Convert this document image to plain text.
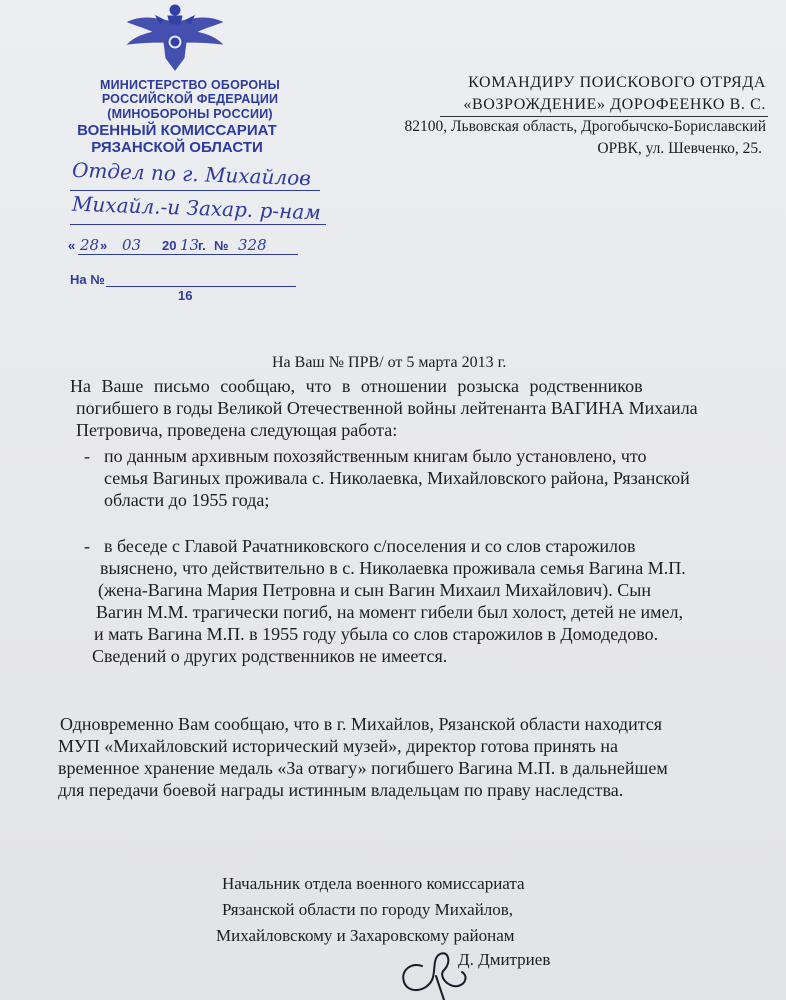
МИНИСТЕРСТВО ОБОРОНЫ
РОССИЙСКОЙ ФЕДЕРАЦИИ
(МИНОБОРОНЫ РОССИИ)
ВОЕННЫЙ КОМИССАРИАТ
РЯЗАНСКОЙ ОБЛАСТИ
Отдел по г. Михайлов
Михайл.-и Захар. р-нам
« 28 » 03 20 13
г. № 328
На №
16
КОМАНДИРУ ПОИСКОВОГО ОТРЯДА
«ВОЗРОЖДЕНИЕ» ДОРОФЕЕНКО В. С.
82100, Львовская область, Дрогобычско-Бориславский
ОРВК, ул. Шевченко, 25.
На Ваш № ПРВ/ от 5 марта 2013 г.
На Ваше письмо сообщаю, что в отношении розыска родственников
погибшего в годы Великой Отечественной войны лейтенанта ВАГИНА Михаила
Петровича, проведена следующая работа:
- по данным архивным похозяйственным книгам было установлено, что
семья Вагиных проживала с. Николаевка, Михайловского района, Рязанской
области до 1955 года;
- в беседе с Главой Рачатниковского с/поселения и со слов старожилов
выяснено, что действительно в с. Николаевка проживала семья Вагина М.П.
(жена-Вагина Мария Петровна и сын Вагин Михаил Михайлович). Сын
Вагин М.М. трагически погиб, на момент гибели был холост, детей не имел,
и мать Вагина М.П. в 1955 году убыла со слов старожилов в Домодедово.
Сведений о других родственников не имеется.
Одновременно Вам сообщаю, что в г. Михайлов, Рязанской области находится
МУП «Михайловский исторический музей», директор готова принять на
временное хранение медаль «За отвагу» погибшего Вагина М.П. в дальнейшем
для передачи боевой награды истинным владельцам по праву наследства.
Начальник отдела военного комиссариата
Рязанской области по городу Михайлов,
Михайловскому и Захаровскому районам
Д. Дмитриев
